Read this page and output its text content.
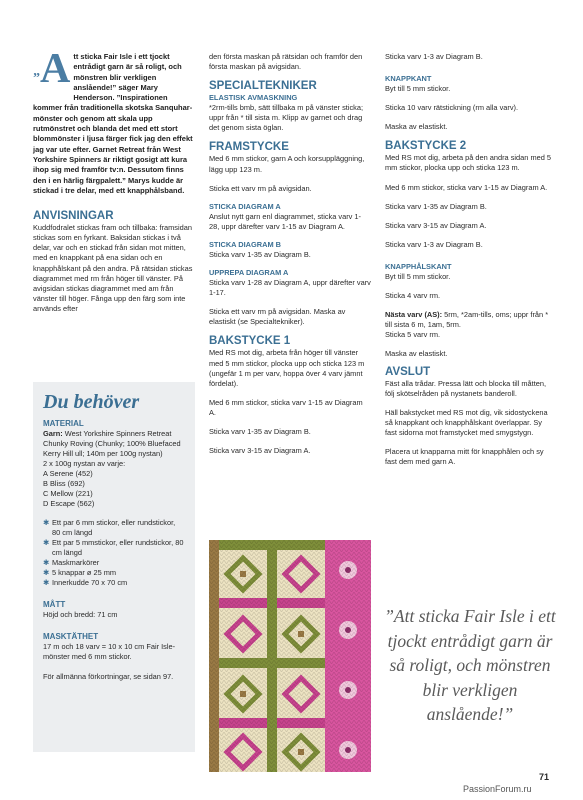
”A tt sticka Fair Isle i ett tjockt entrådigt garn är så roligt, och mönstren blir verkligen anslående!” säger Mary Henderson. ”Inspirationen kommer från traditionella skotska Sanquhar-mönster och genom att skala upp rutmönstret och blanda det med ett stort blommönster i ljusa färger fick jag den effekt jag var ute efter. Garnet Retreat från West Yorkshire Spinners är riktigt gosigt att kura ihop sig med framför tv:n. Dessutom finns den i en härlig färgpalett.” Marys kudde är stickad i tre delar, med ett knapphålsband.
ANVISNINGAR

Kuddfodralet stickas fram och tillbaka: framsidan stickas som en fyrkant. Baksidan stickas i två delar, var och en stickad från sidan mot mitten, med en knappkant på ena sidan och en knapphålskant på den andra. På rätsidan stickas diagrammet med rm från höger till vänster. På avigsidan stickas diagrammet med am från vänster till höger. Fånga upp den färg som inte används efter

Du behöver
MATERIAL

Garn: West Yorkshire Spinners Retreat Chunky Roving (Chunky; 100% Bluefaced Kerry Hill ull; 140m per 100g nystan)

2 x 100g nystan av varje:

A Serene (452)

B Bliss (692)

C Mellow (221)

D Escape (562)

✱ Ett par 6 mm stickor, eller rundstickor, 80 cm längd
✱ Ett par 5 mmstickor, eller rundstickor, 80 cm längd
✱ Maskmarkörer
✱ 5 knappar ø 25 mm
✱ Innerkudde 70 x 70 cm
MÅTT

Höjd och bredd: 71 cm

MASKTÄTHET

17 m och 18 varv = 10 x 10 cm Fair Isle-mönster med 6 mm stickor.

För allmänna förkortningar, se sidan 97.

den första maskan på rätsidan och framför den första maskan på avigsidan.

SPECIALTEKNIKER
ELASTISK AVMASKNING

*2rm-tills bmb, sätt tillbaka m på vänster sticka; uppr från * till sista m. Klipp av garnet och drag det genom sista öglan.

FRAMSTYCKE

Med 6 mm stickor, garn A och korsuppläggning, lägg upp 123 m.

Sticka ett varv rm på avigsidan.

STICKA DIAGRAM A

Anslut nytt garn enl diagrammet, sticka varv 1-28, uppr därefter varv 1-15 av Diagram A.

STICKA DIAGRAM B

Sticka varv 1-35 av Diagram B.

UPPREPA DIAGRAM A

Sticka varv 1-28 av Diagram A, uppr därefter varv 1-17.

Sticka ett varv rm på avigsidan. Maska av elastiskt (se Specialtekniker).

BAKSTYCKE 1

Med RS mot dig, arbeta från höger till vänster med 5 mm stickor, plocka upp och sticka 123 m (ungefär 1 m per varv, hoppa över 4 varv jämnt fördelat).

Med 6 mm stickor, sticka varv 1-15 av Diagram A.

Sticka varv 1-35 av Diagram B.

Sticka varv 3-15 av Diagram A.

Sticka varv 1-3 av Diagram B.

KNAPPKANT

Byt till 5 mm stickor.

Sticka 10 varv rätstickning (rm alla varv).

Maska av elastiskt.

BAKSTYCKE 2

Med RS mot dig, arbeta på den andra sidan med 5 mm stickor, plocka upp och sticka 123 m.

Med 6 mm stickor, sticka varv 1-15 av Diagram A.

Sticka varv 1-35 av Diagram B.

Sticka varv 3-15 av Diagram A.

Sticka varv 1-3 av Diagram B.

KNAPPHÅLSKANT

Byt till 5 mm stickor.

Sticka 4 varv rm.

Nästa varv (AS): 5rm, *2am-tills, oms; uppr från * till sista 6 m, 1am, 5rm.

Sticka 5 varv rm.

Maska av elastiskt.

AVSLUT

Fäst alla trådar. Pressa lätt och blocka till måtten, följ skötselråden på nystanets banderoll.

Häll bakstycket med RS mot dig, vik sidostyckena så knappkant och knapphålskant överlappar. Sy fast sidorna mot framstycket med smygstygn.

Placera ut knapparna mitt för knapphålen och sy fast dem med garn A.

”Att sticka Fair Isle i ett tjockt entrådigt garn är så roligt, och mönstren blir verkligen anslående!”
71
PassionForum.ru
